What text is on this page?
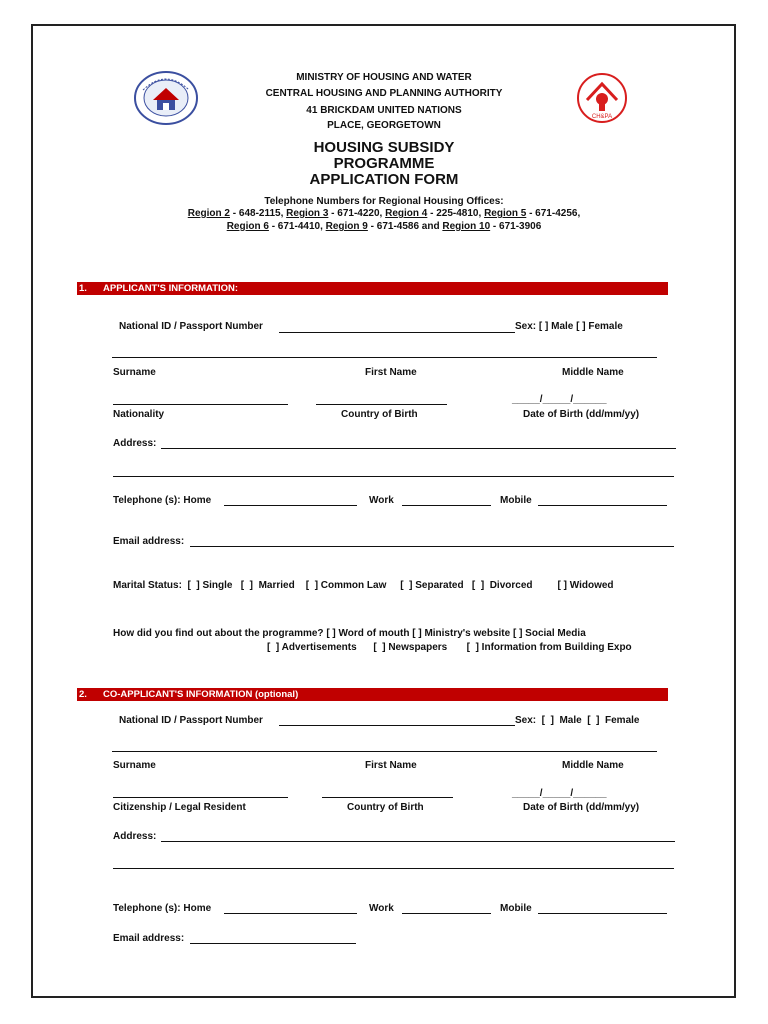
CH&PA
MINISTRY OF HOUSING AND WATER
CENTRAL HOUSING AND PLANNING AUTHORITY
41 BRICKDAM UNITED NATIONS
PLACE, GEORGETOWN
HOUSING SUBSIDY
PROGRAMME
APPLICATION FORM
Telephone Numbers for Regional Housing Offices:
Region 2 - 648-2115, Region 3 - 671-4220, Region 4 - 225-4810, Region 5 - 671-4256,
Region 6 - 671-4410, Region 9 - 671-4586 and Region 10 - 671-3906
1. APPLICANT'S INFORMATION:
National ID / Passport Number	Sex: [ ] Male [ ] Female
Surname	First Name	Middle Name
_____/_____/______
Nationality	Country of Birth	Date of Birth (dd/mm/yy)
Address:
Telephone (s): Home	Work	Mobile
Email address:
Marital Status:  [  ] Single   [  ]  Married    [  ] Common Law     [  ] Separated   [  ]  Divorced         [ ] Widowed
How did you find out about the programme? [ ] Word of mouth [ ] Ministry's website [ ] Social Media
[  ] Advertisements      [  ] Newspapers       [  ] Information from Building Expo
2. CO-APPLICANT'S INFORMATION (optional)
National ID / Passport Number	Sex:  [  ]  Male  [  ]  Female
Surname	First Name	Middle Name
_____/_____/______
Citizenship / Legal Resident	Country of Birth	Date of Birth (dd/mm/yy)
Address:
Telephone (s): Home	Work	Mobile
Email address:
